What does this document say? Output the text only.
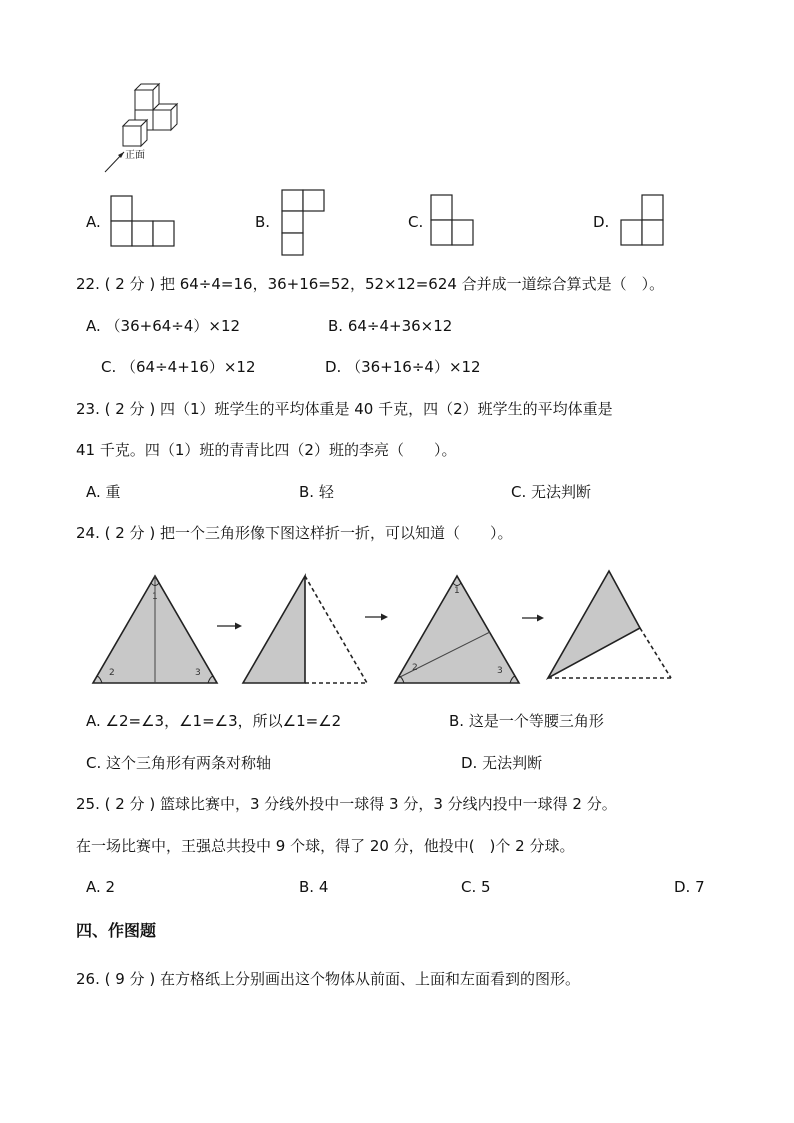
正面
A.	B.	C.	D.
22. ( 2 分 ) 把 64÷4=16，36+16=52，52×12=624 合并成一道综合算式是（　）。
A. （36+64÷4）×12	B. 64÷4+36×12
C. （64÷4+16）×12	D. （36+16÷4）×12
23. ( 2 分 ) 四（1）班学生的平均体重是 40 千克，四（2）班学生的平均体重是
41 千克。四（1）班的青青比四（2）班的李亮（　　）。
A. 重	B. 轻	C. 无法判断
24. ( 2 分 ) 把一个三角形像下图这样折一折，可以知道（　　）。
1
2	3
1
2	3
A. ∠2=∠3，∠1=∠3，所以∠1=∠2	B. 这是一个等腰三角形
C. 这个三角形有两条对称轴	D. 无法判断
25. ( 2 分 ) 篮球比赛中，3 分线外投中一球得 3 分，3 分线内投中一球得 2 分。
在一场比赛中，王强总共投中 9 个球，得了 20 分，他投中(　)个 2 分球。
A. 2	B. 4	C. 5	D. 7
四、作图题
26. ( 9 分 ) 在方格纸上分别画出这个物体从前面、上面和左面看到的图形。
